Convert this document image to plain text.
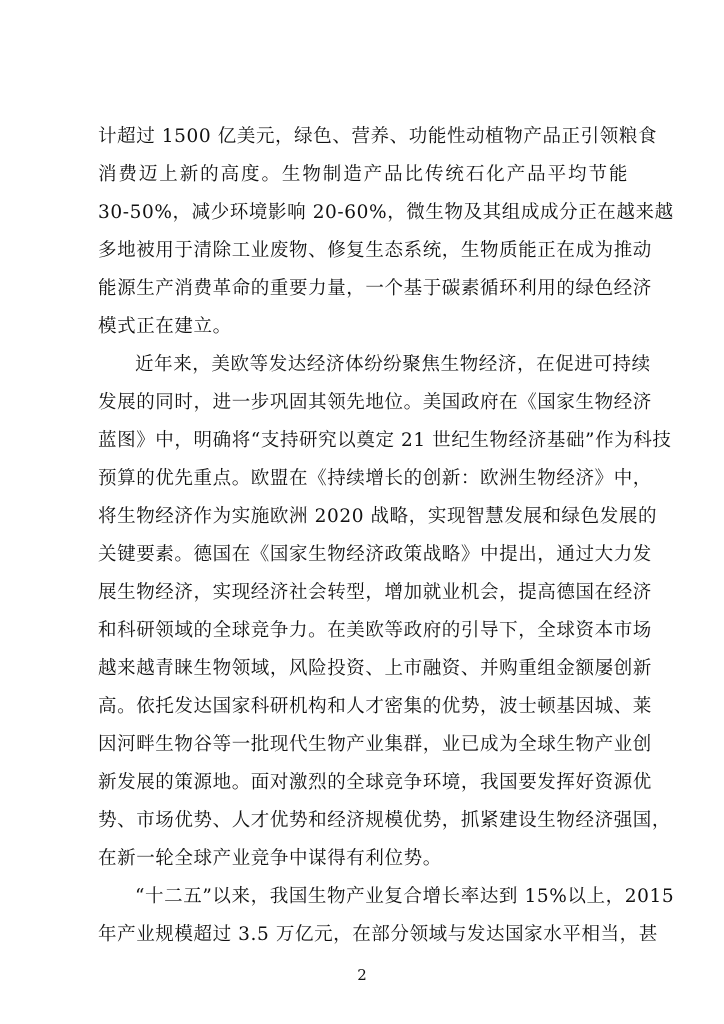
计超过 1500 亿美元，绿色、营养、功能性动植物产品正引领粮食
消费迈上新的高度。生物制造产品比传统石化产品平均节能
30-50%，减少环境影响 20-60%，微生物及其组成成分正在越来越
多地被用于清除工业废物、修复生态系统，生物质能正在成为推动
能源生产消费革命的重要力量，一个基于碳素循环利用的绿色经济
模式正在建立。
近年来，美欧等发达经济体纷纷聚焦生物经济，在促进可持续
发展的同时，进一步巩固其领先地位。美国政府在《国家生物经济
蓝图》中，明确将“支持研究以奠定 21 世纪生物经济基础”作为科技
预算的优先重点。欧盟在《持续增长的创新：欧洲生物经济》中，
将生物经济作为实施欧洲 2020 战略，实现智慧发展和绿色发展的
关键要素。德国在《国家生物经济政策战略》中提出，通过大力发
展生物经济，实现经济社会转型，增加就业机会，提高德国在经济
和科研领域的全球竞争力。在美欧等政府的引导下，全球资本市场
越来越青睐生物领域，风险投资、上市融资、并购重组金额屡创新
高。依托发达国家科研机构和人才密集的优势，波士顿基因城、莱
因河畔生物谷等一批现代生物产业集群，业已成为全球生物产业创
新发展的策源地。面对激烈的全球竞争环境，我国要发挥好资源优
势、市场优势、人才优势和经济规模优势，抓紧建设生物经济强国，
在新一轮全球产业竞争中谋得有利位势。
“十二五”以来，我国生物产业复合增长率达到 15%以上，2015
年产业规模超过 3.5 万亿元，在部分领域与发达国家水平相当，甚
2
